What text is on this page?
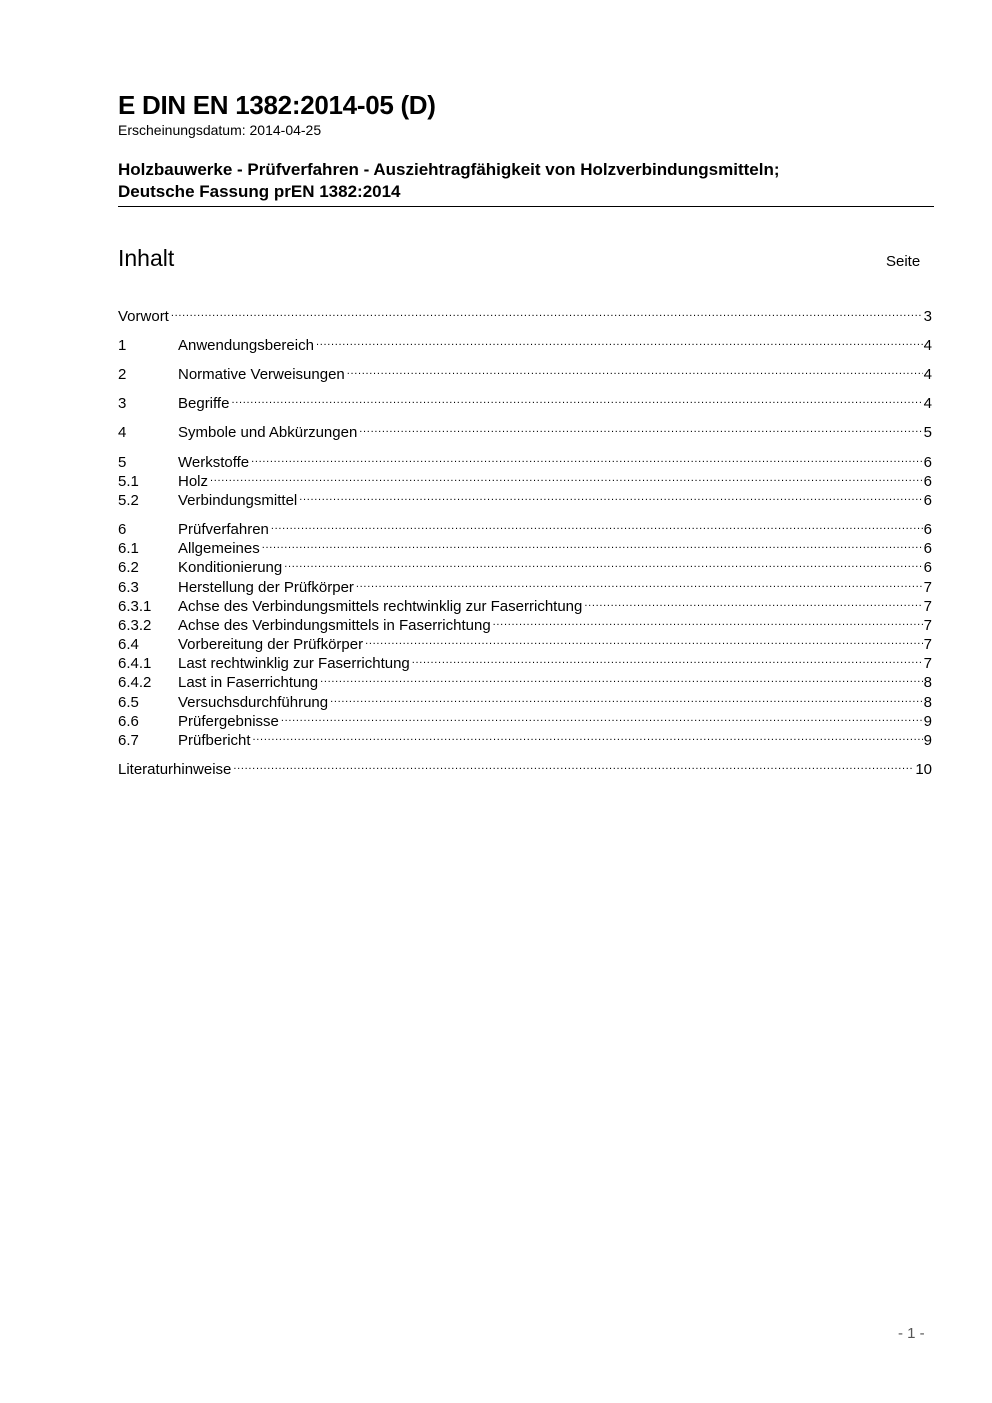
E DIN EN 1382:2014-05 (D)
Erscheinungsdatum: 2014-04-25
Holzbauwerke - Prüfverfahren - Ausziehtragfähigkeit von Holzverbindungsmitteln;
Deutsche Fassung prEN 1382:2014
Inhalt	Seite
Vorwort .....	3
1	Anwendungsbereich .....	4
2	Normative Verweisungen .....	4
3	Begriffe .....	4
4	Symbole und Abkürzungen .....	5
5	Werkstoffe .....	6
5.1	Holz .....	6
5.2	Verbindungsmittel .....	6
6	Prüfverfahren .....	6
6.1	Allgemeines .....	6
6.2	Konditionierung .....	6
6.3	Herstellung der Prüfkörper .....	7
6.3.1	Achse des Verbindungsmittels rechtwinklig zur Faserrichtung .....	7
6.3.2	Achse des Verbindungsmittels in Faserrichtung .....	7
6.4	Vorbereitung der Prüfkörper .....	7
6.4.1	Last rechtwinklig zur Faserrichtung .....	7
6.4.2	Last in Faserrichtung .....	8
6.5	Versuchsdurchführung .....	8
6.6	Prüfergebnisse .....	9
6.7	Prüfbericht .....	9
Literaturhinweise .....	10
- 1 -
